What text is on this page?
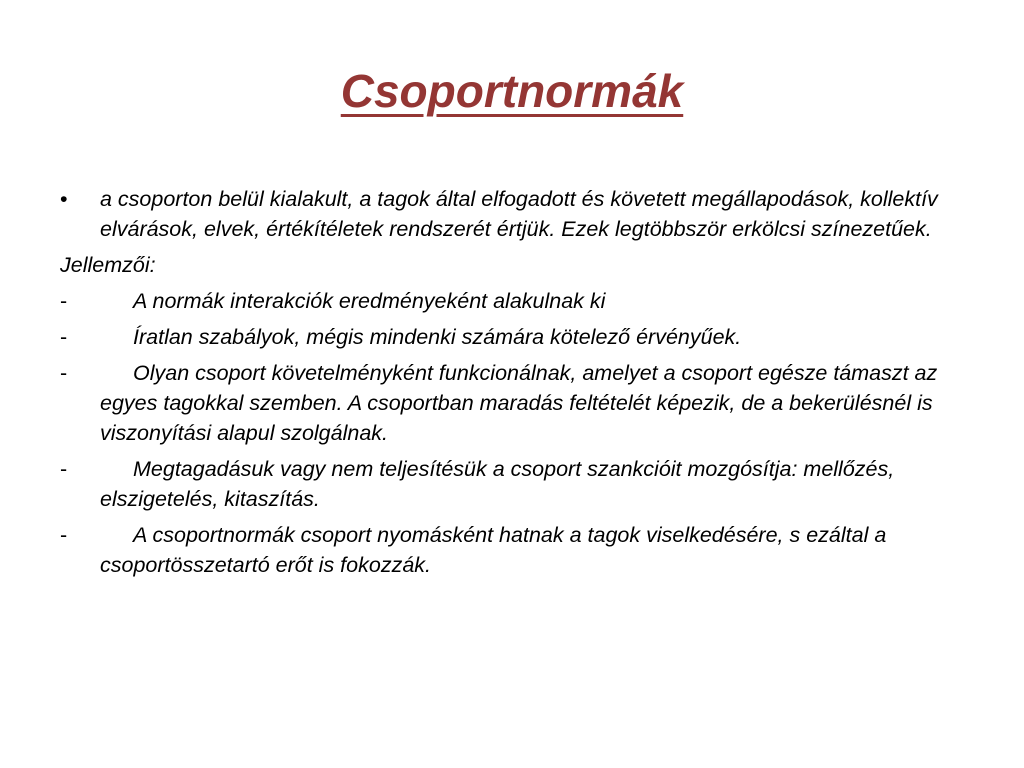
Csoportnormák
•	a csoporton belül kialakult, a tagok által elfogadott és követett megállapodások, kollektív elvárások, elvek, értékítéletek rendszerét értjük. Ezek legtöbbször erkölcsi színezetűek.
Jellemzői:
-	A normák interakciók eredményeként alakulnak ki
-	Íratlan szabályok, mégis mindenki számára kötelező érvényűek.
-	Olyan csoport követelményként funkcionálnak, amelyet a csoport egésze támaszt az egyes tagokkal szemben. A csoportban maradás feltételét képezik, de a bekerülésnél is viszonyítási alapul szolgálnak.
-	Megtagadásuk vagy nem teljesítésük a csoport szankcióit mozgósítja: mellőzés, elszigetelés, kitaszítás.
-	A csoportnormák csoport nyomásként hatnak a tagok viselkedésére, s ezáltal a csoportösszetartó erőt is fokozzák.
